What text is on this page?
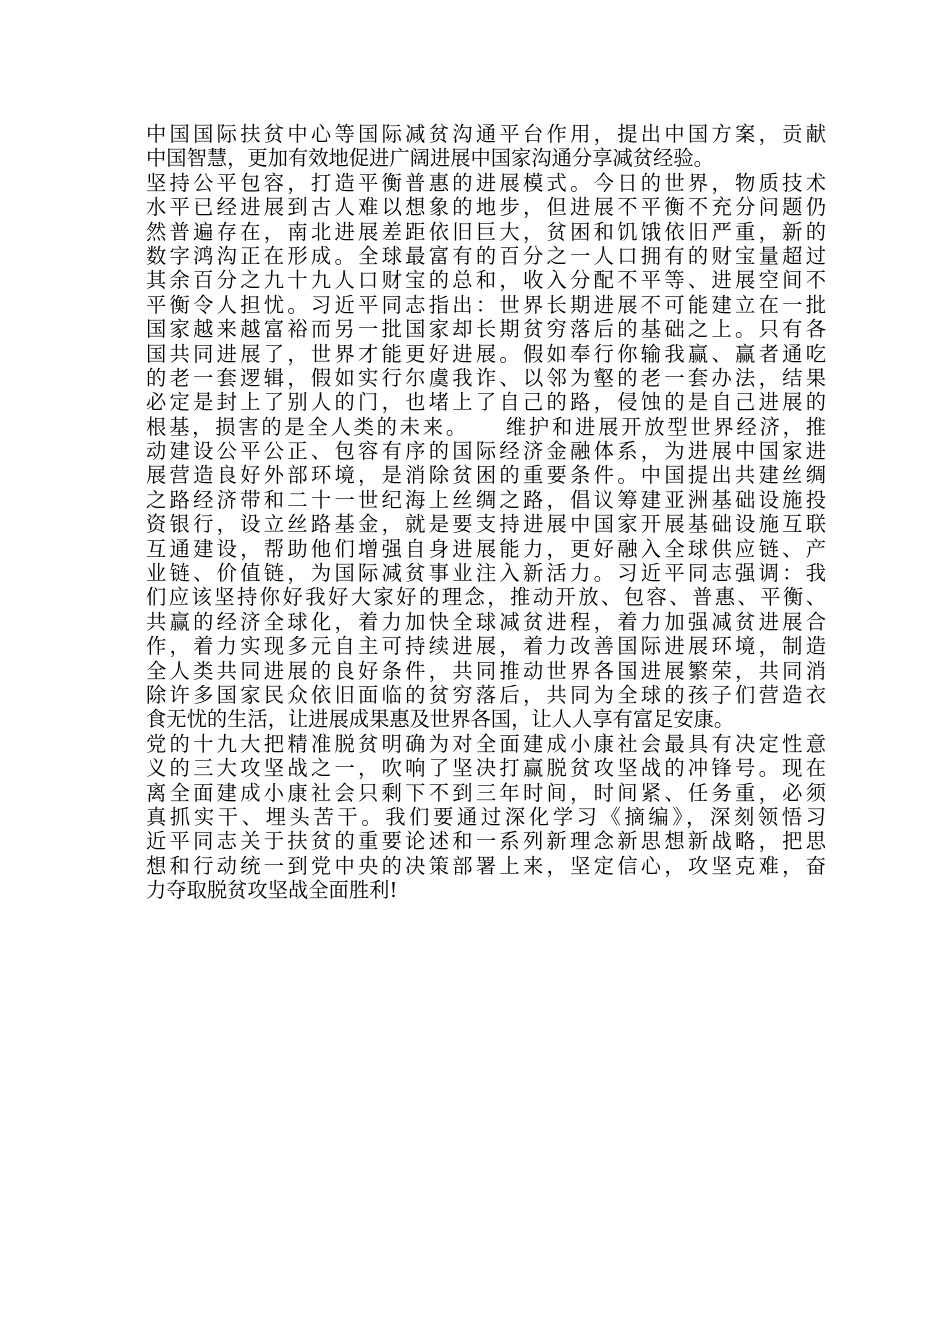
中国国际扶贫中心等国际减贫沟通平台作用，提出中国方案，贡献
中国智慧，更加有效地促进广阔进展中国家沟通分享减贫经验。
坚持公平包容，打造平衡普惠的进展模式。今日的世界，物质技术
水平已经进展到古人难以想象的地步，但进展不平衡不充分问题仍
然普遍存在，南北进展差距依旧巨大，贫困和饥饿依旧严重，新的
数字鸿沟正在形成。全球最富有的百分之一人口拥有的财宝量超过
其余百分之九十九人口财宝的总和，收入分配不平等、进展空间不
平衡令人担忧。习近平同志指出：世界长期进展不可能建立在一批
国家越来越富裕而另一批国家却长期贫穷落后的基础之上。只有各
国共同进展了，世界才能更好进展。假如奉行你输我赢、赢者通吃
的老一套逻辑，假如实行尔虞我诈、以邻为壑的老一套办法，结果
必定是封上了别人的门，也堵上了自己的路，侵蚀的是自己进展的
根基，损害的是全人类的未来。    维护和进展开放型世界经济，推
动建设公平公正、包容有序的国际经济金融体系，为进展中国家进
展营造良好外部环境，是消除贫困的重要条件。中国提出共建丝绸
之路经济带和二十一世纪海上丝绸之路，倡议筹建亚洲基础设施投
资银行，设立丝路基金，就是要支持进展中国家开展基础设施互联
互通建设，帮助他们增强自身进展能力，更好融入全球供应链、产
业链、价值链，为国际减贫事业注入新活力。习近平同志强调：我
们应该坚持你好我好大家好的理念，推动开放、包容、普惠、平衡、
共赢的经济全球化，着力加快全球减贫进程，着力加强减贫进展合
作，着力实现多元自主可持续进展，着力改善国际进展环境，制造
全人类共同进展的良好条件，共同推动世界各国进展繁荣，共同消
除许多国家民众依旧面临的贫穷落后，共同为全球的孩子们营造衣
食无忧的生活，让进展成果惠及世界各国，让人人享有富足安康。
党的十九大把精准脱贫明确为对全面建成小康社会最具有决定性意
义的三大攻坚战之一，吹响了坚决打赢脱贫攻坚战的冲锋号。现在
离全面建成小康社会只剩下不到三年时间，时间紧、任务重，必须
真抓实干、埋头苦干。我们要通过深化学习《摘编》，深刻领悟习
近平同志关于扶贫的重要论述和一系列新理念新思想新战略，把思
想和行动统一到党中央的决策部署上来，坚定信心，攻坚克难，奋
力夺取脱贫攻坚战全面胜利!
